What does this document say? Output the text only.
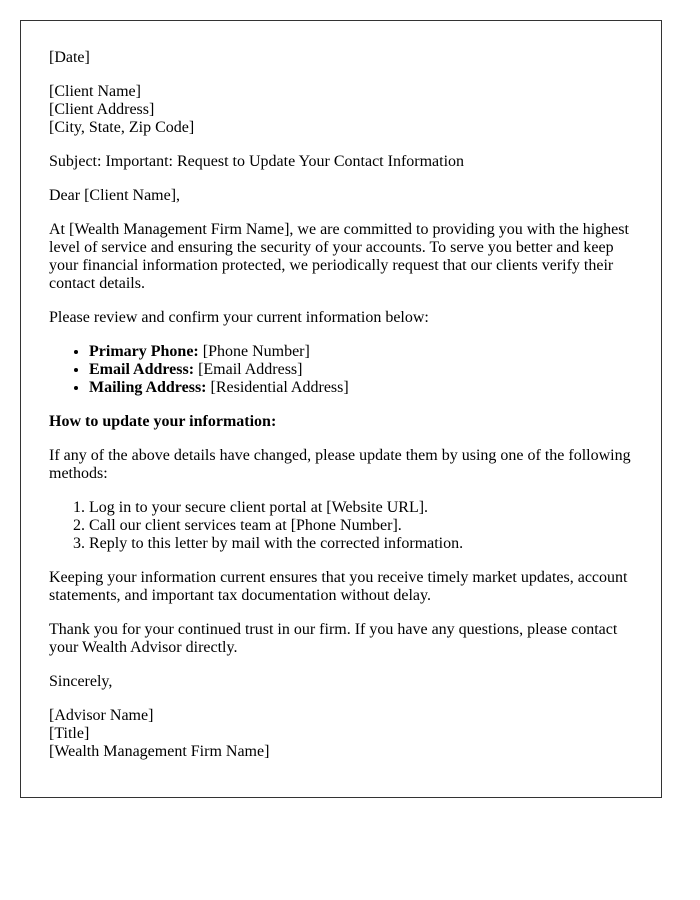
[Date]

[Client Name]
[Client Address]
[City, State, Zip Code]

Subject: Important: Request to Update Your Contact Information

Dear [Client Name],

At [Wealth Management Firm Name], we are committed to providing you with the highest level of service and ensuring the security of your accounts. To serve you better and keep your financial information protected, we periodically request that our clients verify their contact details.

Please review and confirm your current information below:

• Primary Phone: [Phone Number]
• Email Address: [Email Address]
• Mailing Address: [Residential Address]

How to update your information:

If any of the above details have changed, please update them by using one of the following methods:

1. Log in to your secure client portal at [Website URL].
2. Call our client services team at [Phone Number].
3. Reply to this letter by mail with the corrected information.

Keeping your information current ensures that you receive timely market updates, account statements, and important tax documentation without delay.

Thank you for your continued trust in our firm. If you have any questions, please contact your Wealth Advisor directly.

Sincerely,

[Advisor Name]
[Title]
[Wealth Management Firm Name]
